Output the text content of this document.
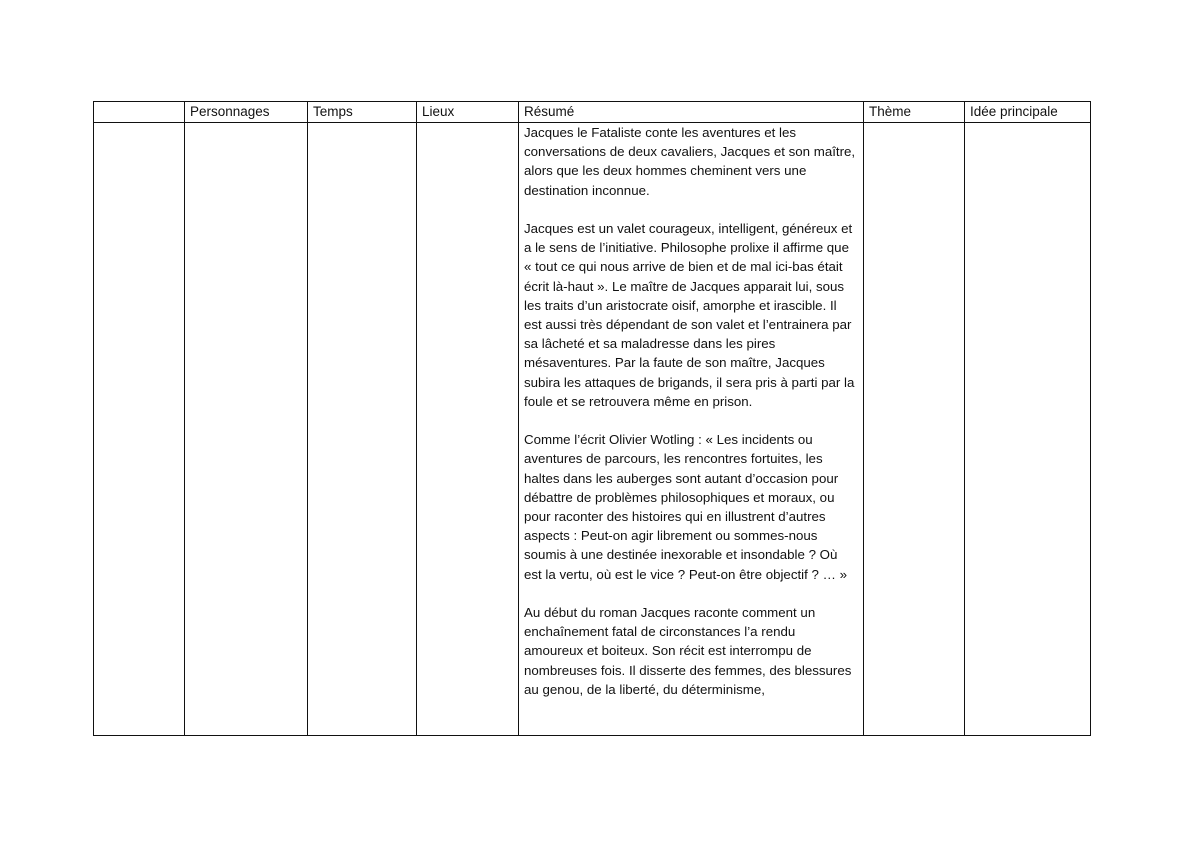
	Personnages	Temps	Lieux	Résumé	Thème	Idée principale

				Jacques le Fataliste conte les aventures et les conversations de deux cavaliers, Jacques et son maître, alors que les deux hommes cheminent vers une destination inconnue.

Jacques est un valet courageux, intelligent, généreux et a le sens de l’initiative. Philosophe prolixe il affirme que « tout ce qui nous arrive de bien et de mal ici-bas était écrit là-haut ». Le maître de Jacques apparait lui, sous les traits d’un aristocrate oisif, amorphe et irascible. Il est aussi très dépendant de son valet et l’entrainera par sa lâcheté et sa maladresse dans les pires mésaventures. Par la faute de son maître, Jacques subira les attaques de brigands, il sera pris à parti par la foule et se retrouvera même en prison.

Comme l’écrit Olivier Wotling : « Les incidents ou aventures de parcours, les rencontres fortuites, les haltes dans les auberges sont autant d’occasion pour débattre de problèmes philosophiques et moraux, ou pour raconter des histoires qui en illustrent d’autres aspects : Peut-on agir librement ou sommes-nous soumis à une destinée inexorable et insondable ? Où est la vertu, où est le vice ? Peut-on être objectif ? … »

Au début du roman Jacques raconte comment un enchaînement fatal de circonstances l’a rendu amoureux et boiteux. Son récit est interrompu de nombreuses fois. Il disserte des femmes, des blessures au genou, de la liberté, du déterminisme,		
